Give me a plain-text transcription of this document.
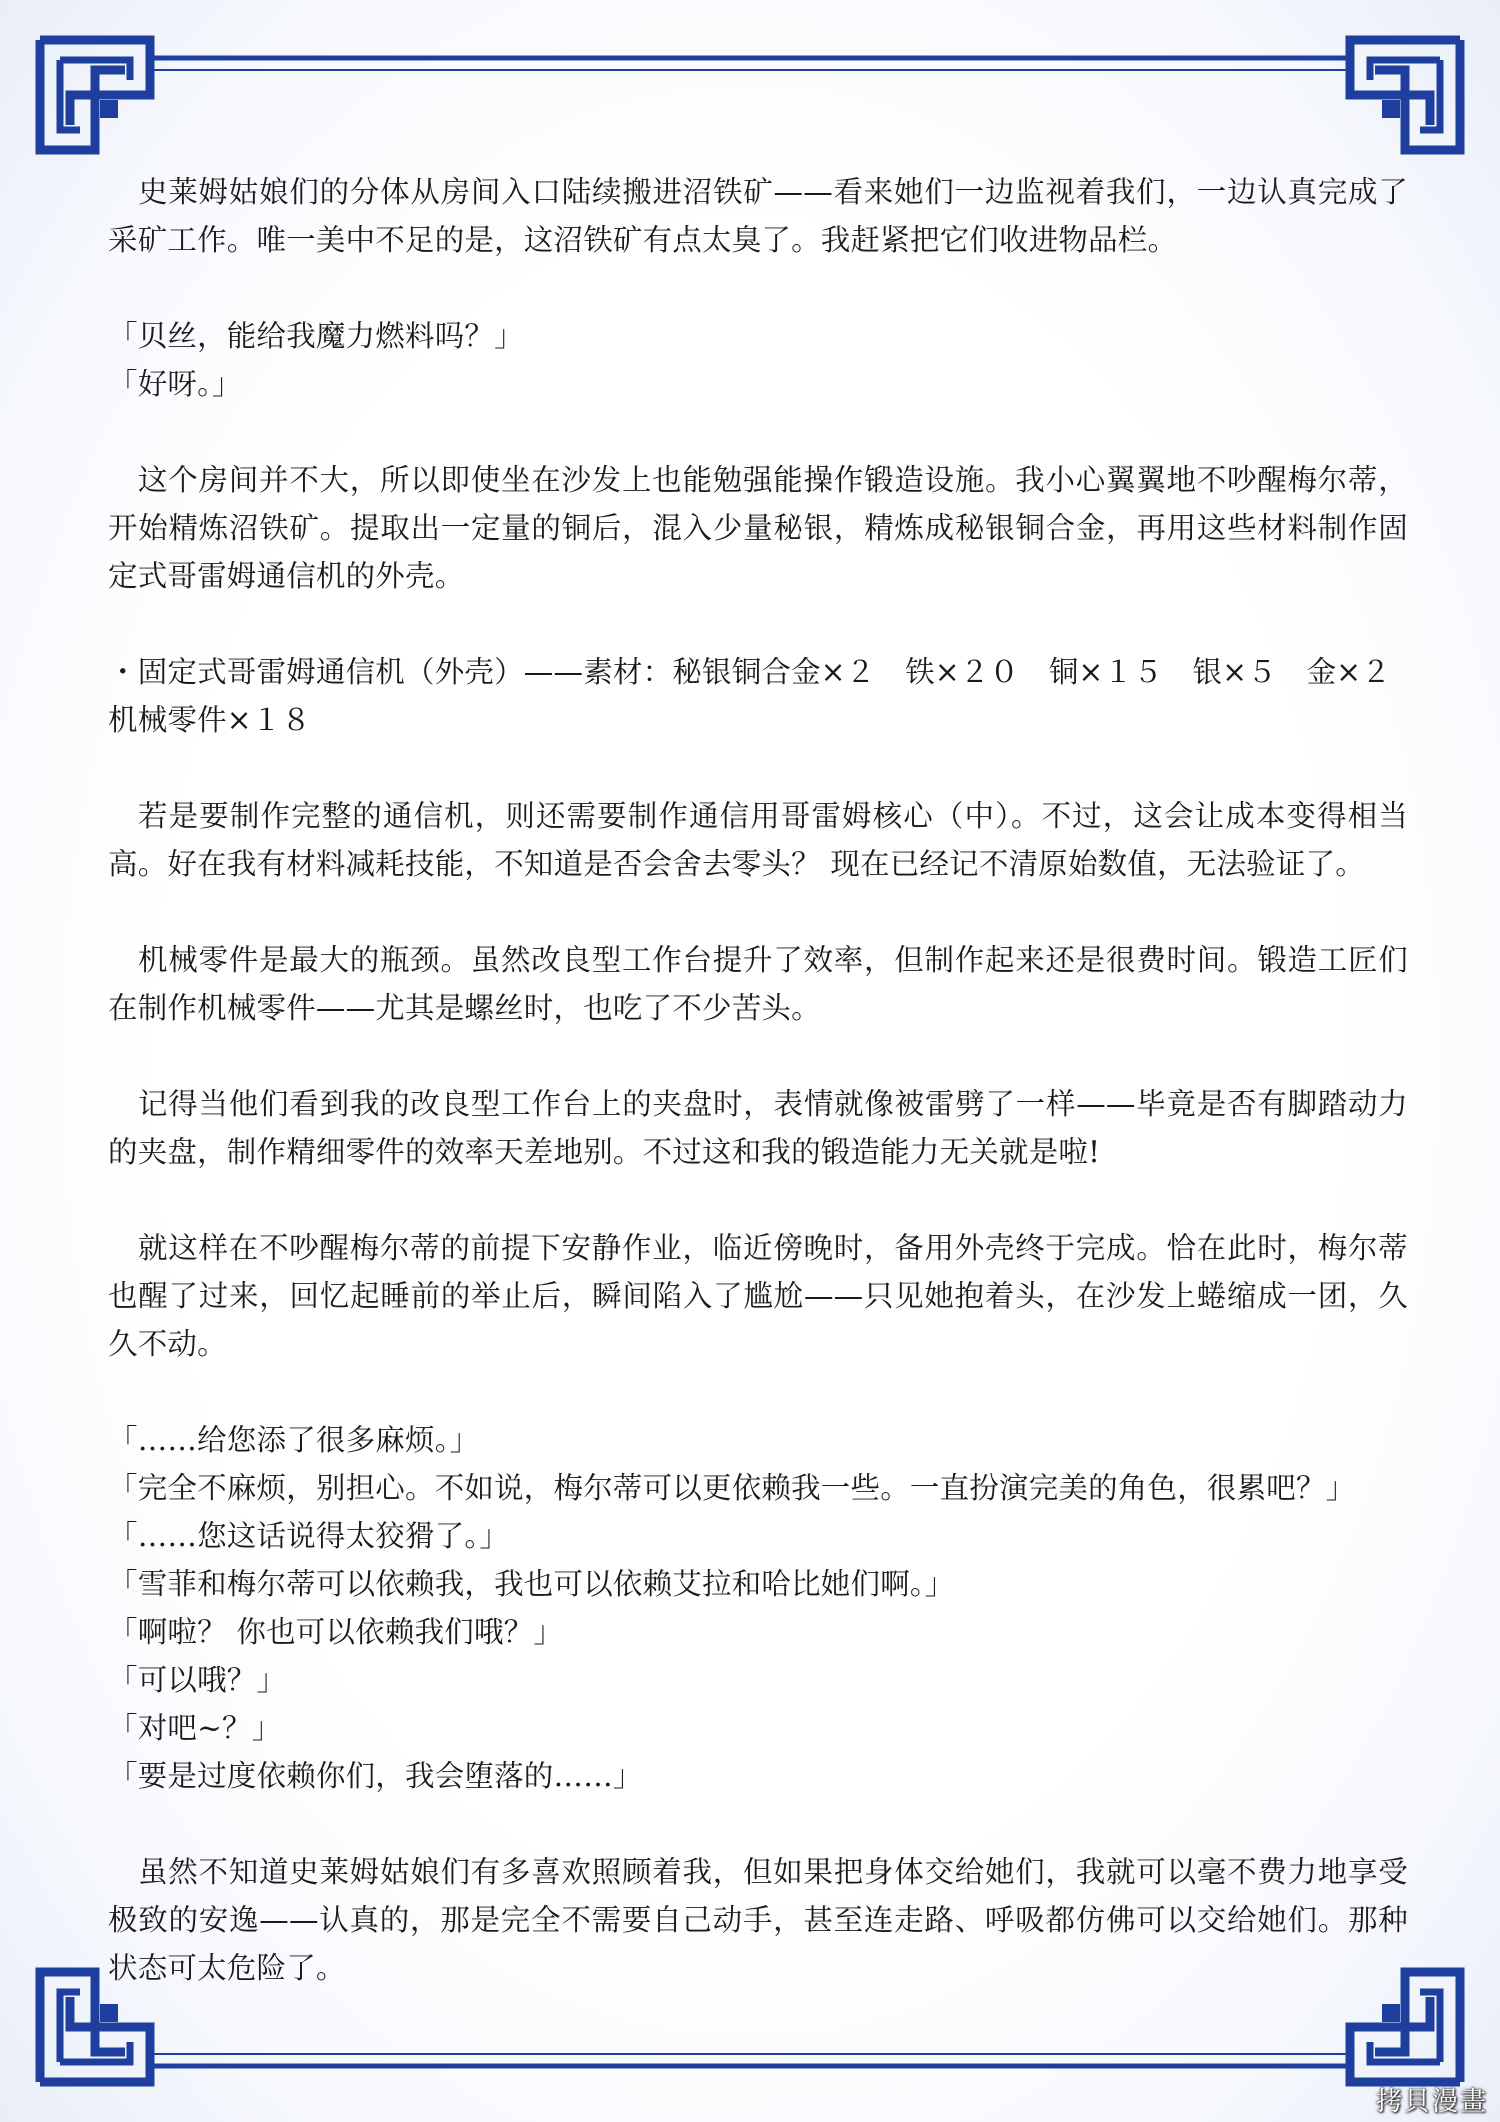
史莱姆姑娘们的分体从房间入口陆续搬进沼铁矿——看来她们一边监视着我们，一边认真完成了采矿工作。唯一美中不足的是，这沼铁矿有点太臭了。我赶紧把它们收进物品栏。

「贝丝，能给我魔力燃料吗？」

「好呀。」

这个房间并不大，所以即使坐在沙发上也能勉强能操作锻造设施。我小心翼翼地不吵醒梅尔蒂，开始精炼沼铁矿。提取出一定量的铜后，混入少量秘银，精炼成秘银铜合金，再用这些材料制作固定式哥雷姆通信机的外壳。

・固定式哥雷姆通信机（外壳）——素材：秘银铜合金×２　铁×２０　铜×１５　银×５　金×２　机械零件×１８

若是要制作完整的通信机，则还需要制作通信用哥雷姆核心（中）。不过，这会让成本变得相当高。好在我有材料减耗技能，不知道是否会舍去零头？ 现在已经记不清原始数值，无法验证了。

机械零件是最大的瓶颈。虽然改良型工作台提升了效率，但制作起来还是很费时间。锻造工匠们在制作机械零件——尤其是螺丝时，也吃了不少苦头。

记得当他们看到我的改良型工作台上的夹盘时，表情就像被雷劈了一样——毕竟是否有脚踏动力的夹盘，制作精细零件的效率天差地别。不过这和我的锻造能力无关就是啦!

就这样在不吵醒梅尔蒂的前提下安静作业，临近傍晚时，备用外壳终于完成。恰在此时，梅尔蒂也醒了过来，回忆起睡前的举止后，瞬间陷入了尴尬——只见她抱着头，在沙发上蜷缩成一团，久久不动。

「……给您添了很多麻烦。」

「完全不麻烦，别担心。不如说，梅尔蒂可以更依赖我一些。一直扮演完美的角色，很累吧？」

「……您这话说得太狡猾了。」

「雪菲和梅尔蒂可以依赖我，我也可以依赖艾拉和哈比她们啊。」

「啊啦？ 你也可以依赖我们哦？」

「可以哦？」

「对吧~？」

「要是过度依赖你们，我会堕落的……」

虽然不知道史莱姆姑娘们有多喜欢照顾着我，但如果把身体交给她们，我就可以毫不费力地享受极致的安逸——认真的，那是完全不需要自己动手，甚至连走路、呼吸都仿佛可以交给她们。那种状态可太危险了。

拷貝漫畫
